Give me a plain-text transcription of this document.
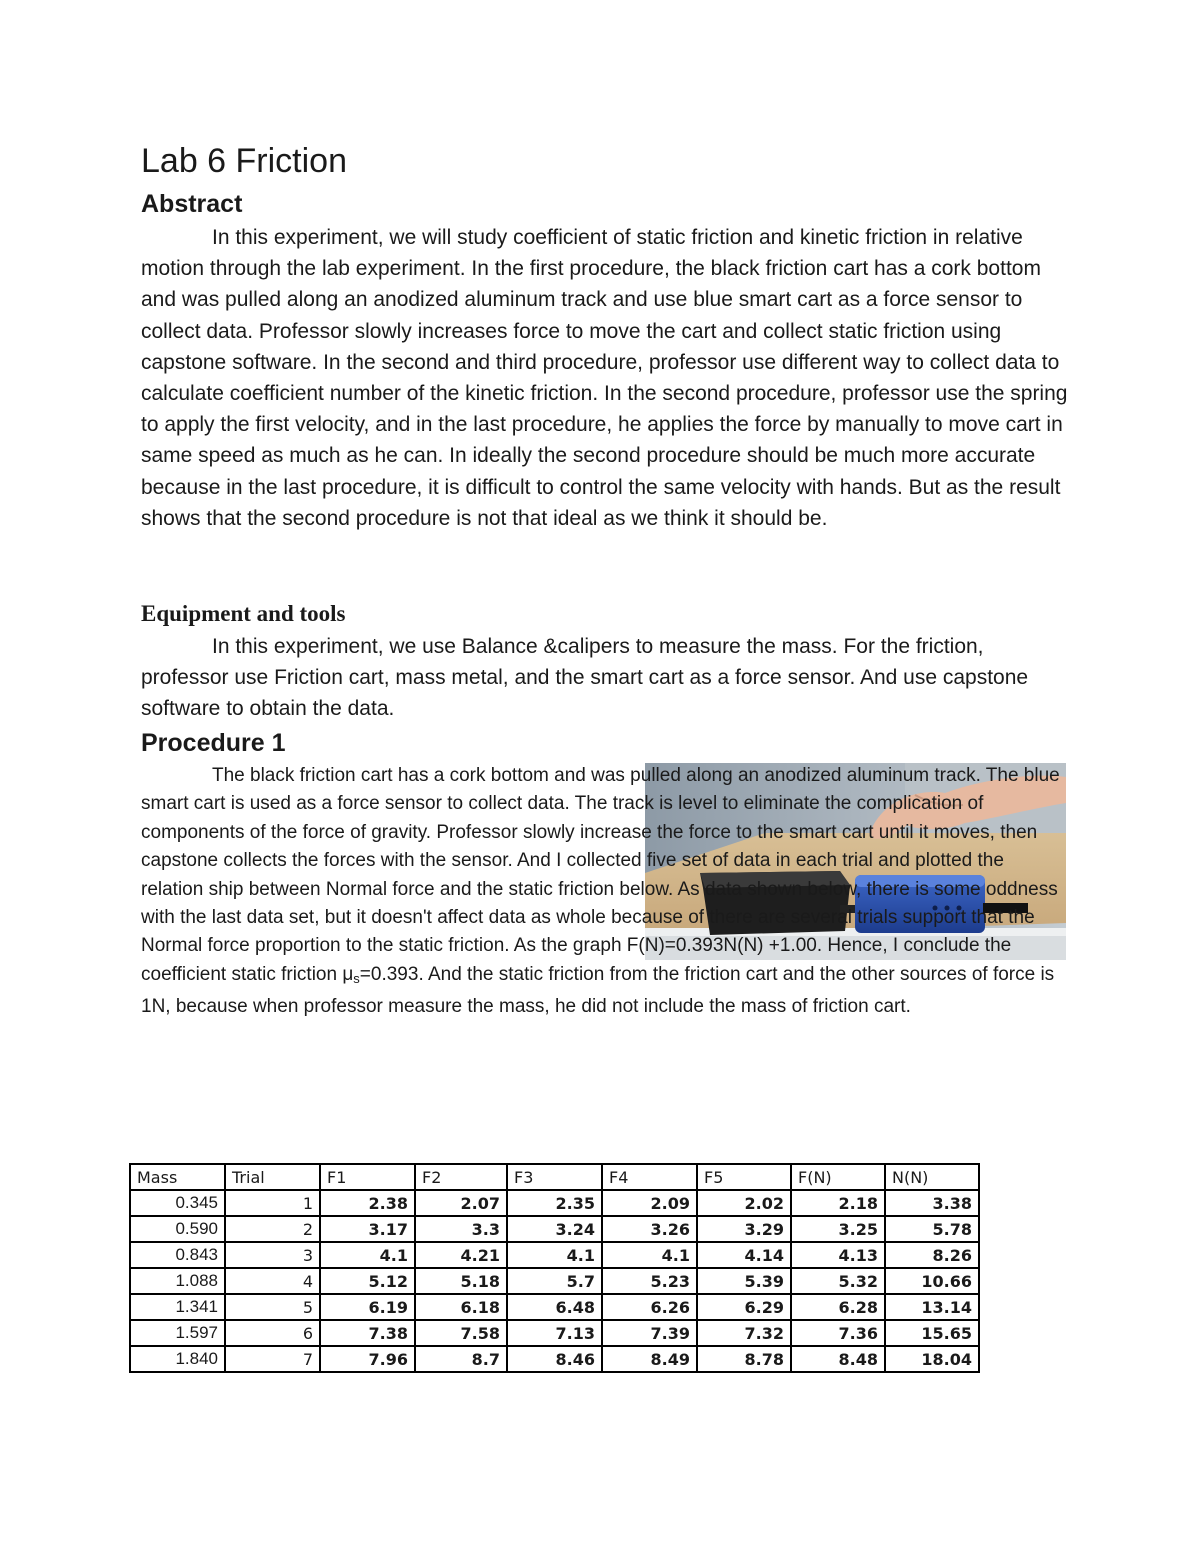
Lab 6 Friction
Abstract

In this experiment, we will study coefficient of static friction and kinetic friction in relative motion through the lab experiment. In the first procedure, the black friction cart has a cork bottom and was pulled along an anodized aluminum track and use blue smart cart as a force sensor to collect data. Professor slowly increases force to move the cart and collect static friction using capstone software. In the second and third procedure, professor use different way to collect data to calculate coefficient number of the kinetic friction. In the second procedure, professor use the spring to apply the first velocity, and in the last procedure, he applies the force by manually to move cart in same speed as much as he can. In ideally the second procedure should be much more accurate because in the last procedure, it is difficult to control the same velocity with hands. But as the result shows that the second procedure is not that ideal as we think it should be.

Equipment and tools

In this experiment, we use Balance &calipers to measure the mass. For the friction, professor use Friction cart, mass metal, and the smart cart as a force sensor. And use capstone software to obtain the data.

Procedure 1

The black friction cart has a cork bottom and was pulled along an anodized aluminum track. The blue smart cart is used as a force sensor to collect data. The track is level to eliminate the complication of components of the force of gravity. Professor slowly increase the force to the smart cart until it moves, then capstone collects the forces with the sensor. And I collected five set of data in each trial and plotted the relation ship between Normal force and the static friction below. As data shown below, there is some oddness with the last data set, but it doesn't affect data as whole because of there are several trials support that the Normal force proportion to the static friction. As the graph F(N)=0.393N(N) +1.00. Hence, I conclude the coefficient static friction $\mu_s=0.393$. And the static friction from the friction cart and the other sources of force is 1N, because when professor measure the mass, he did not include the mass of friction cart.

Mass	Trial	F1	F2	F3	F4	F5	F(N)	N(N)
0.345	1	2.38	2.07	2.35	2.09	2.02	2.18	3.38
0.590	2	3.17	3.3	3.24	3.26	3.29	3.25	5.78
0.843	3	4.1	4.21	4.1	4.1	4.14	4.13	8.26
1.088	4	5.12	5.18	5.7	5.23	5.39	5.32	10.66
1.341	5	6.19	6.18	6.48	6.26	6.29	6.28	13.14
1.597	6	7.38	7.58	7.13	7.39	7.32	7.36	15.65
1.840	7	7.96	8.7	8.46	8.49	8.78	8.48	18.04
